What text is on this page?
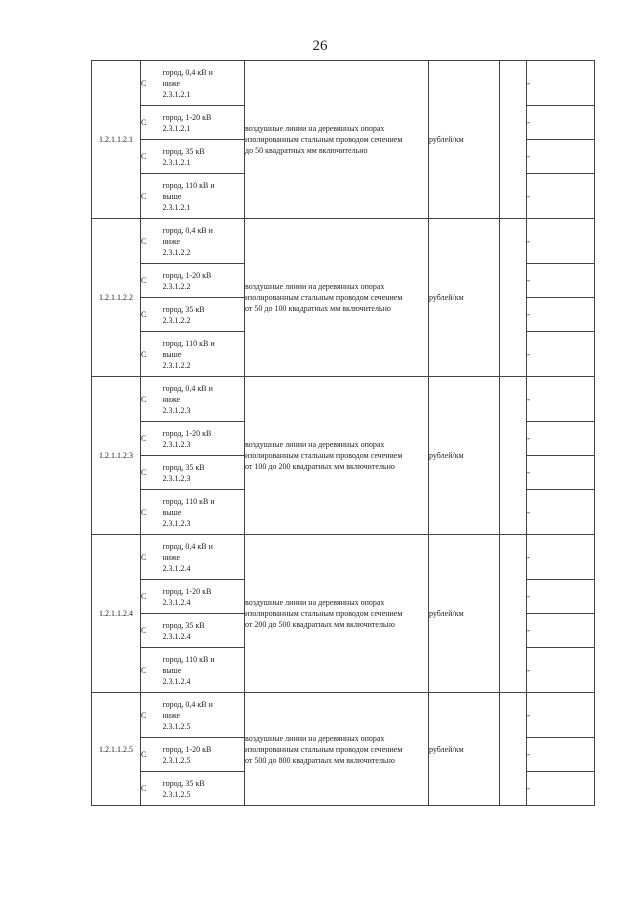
26
1.2.1.1.2.1	С	город, 0,4 кВ и
ниже
2.3.1.2.1	воздушные линии на деревянных опорах
изолированным стальным проводом сечением
до 50 квадратных мм включительно	рублей/км		-
	С	город, 1-20 кВ
2.3.1.2.1				-
	С	город, 35 кВ
2.3.1.2.1				-
	С	город, 110 кВ и
выше
2.3.1.2.1				-
1.2.1.1.2.2	С	город, 0,4 кВ и
ниже
2.3.1.2.2	воздушные линии на деревянных опорах
изолированным стальным проводом сечением
от 50 до 100 квадратных мм включительно	рублей/км		-
	С	город, 1-20 кВ
2.3.1.2.2				-
	С	город, 35 кВ
2.3.1.2.2				-
	С	город, 110 кВ и
выше
2.3.1.2.2				-
1.2.1.1.2.3	С	город, 0,4 кВ и
ниже
2.3.1.2.3	воздушные линии на деревянных опорах
изолированным стальным проводом сечением
от 100 до 200 квадратных мм включительно	рублей/км		-
	С	город, 1-20 кВ
2.3.1.2.3				-
	С	город, 35 кВ
2.3.1.2.3				-
	С	город, 110 кВ и
выше
2.3.1.2.3				-
1.2.1.1.2.4	С	город, 0,4 кВ и
ниже
2.3.1.2.4	воздушные линии на деревянных опорах
изолированным стальным проводом сечением
от 200 до 500 квадратных мм включительно	рублей/км		-
	С	город, 1-20 кВ
2.3.1.2.4				-
	С	город, 35 кВ
2.3.1.2.4				-
	С	город, 110 кВ и
выше
2.3.1.2.4				-
1.2.1.1.2.5	С	город, 0,4 кВ и
ниже
2.3.1.2.5	воздушные линии на деревянных опорах
изолированным стальным проводом сечением
от 500 до 800 квадратных мм включительно	рублей/км		-
	С	город, 1-20 кВ
2.3.1.2.5				-
	С	город, 35 кВ
2.3.1.2.5				-
